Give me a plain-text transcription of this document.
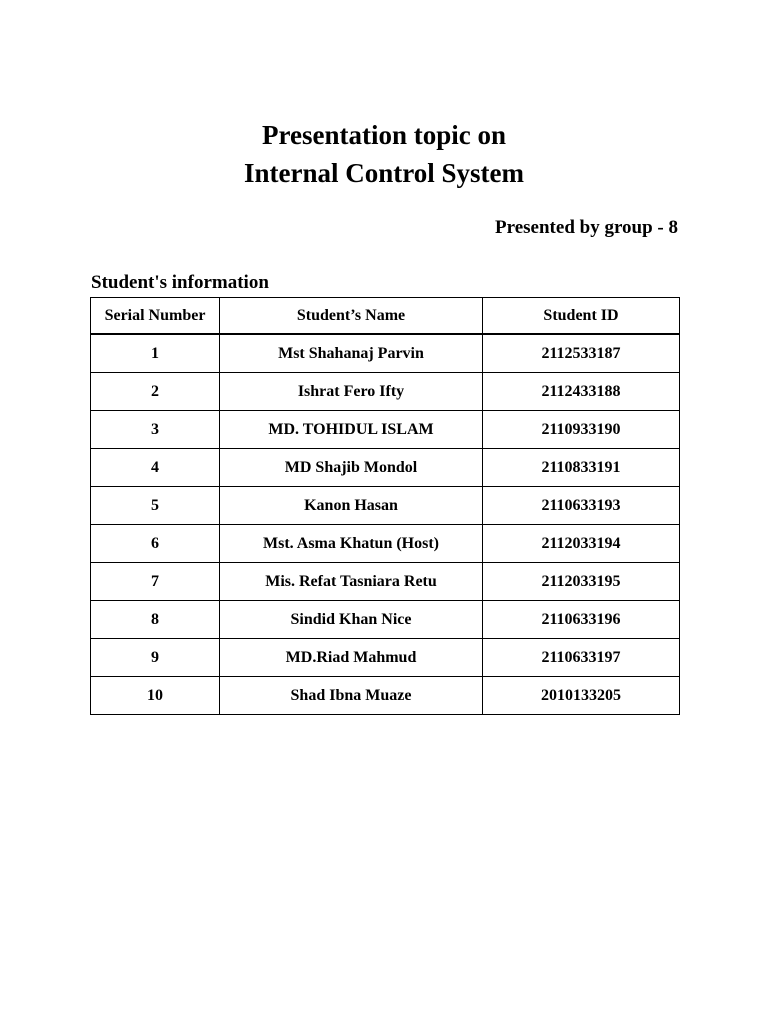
Presentation topic on
Internal Control System
Presented by group - 8
Student's information
Serial Number	Student’s Name	Student ID
1	Mst Shahanaj Parvin	2112533187
2	Ishrat Fero Ifty	2112433188
3	MD. TOHIDUL ISLAM	2110933190
4	MD Shajib Mondol	2110833191
5	Kanon Hasan	2110633193
6	Mst. Asma Khatun (Host)	2112033194
7	Mis. Refat Tasniara Retu	2112033195
8	Sindid Khan Nice	2110633196
9	MD.Riad Mahmud	2110633197
10	Shad Ibna Muaze	2010133205
